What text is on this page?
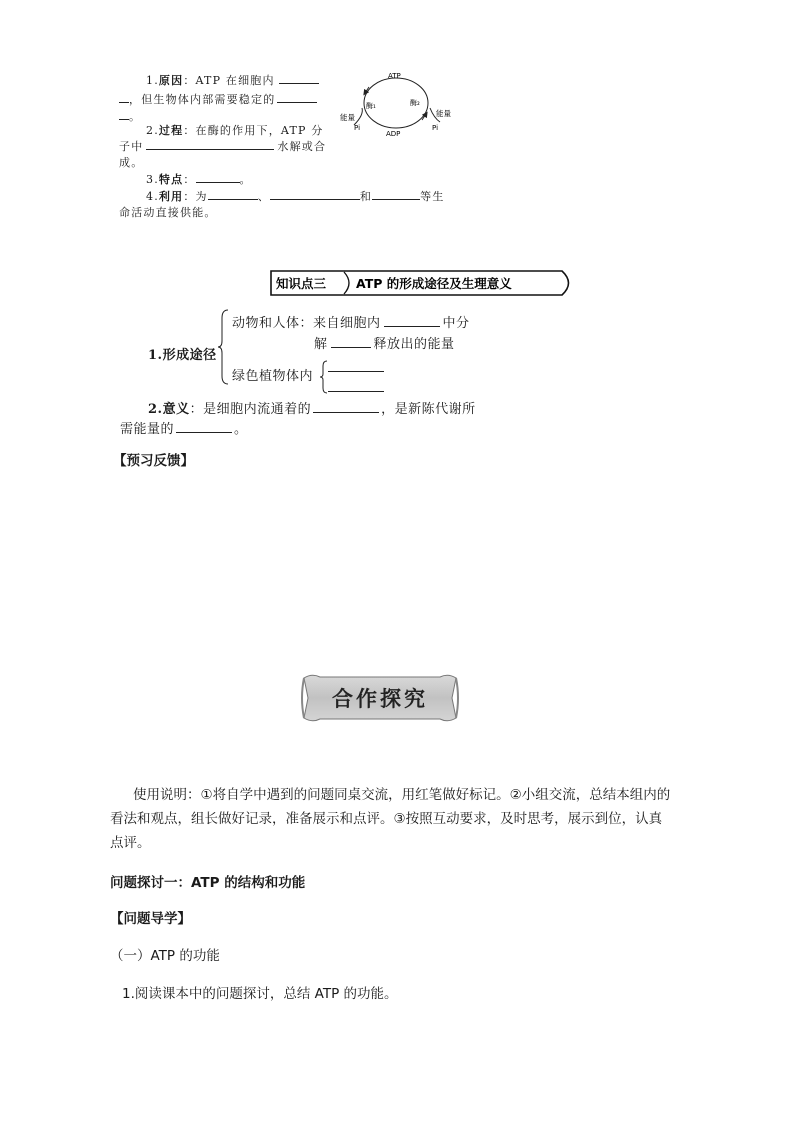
1.原因：ATP 在细胞内
，但生物体内部需要稳定的
。
2.过程：在酶的作用下，ATP 分
子中	水解或合
成。
3.特点：	。
4.利用：为	、	和	等生
命活动直接供能。
ATP
ADP
酶₁	酶₂
能量
Pi
能量
Pi
知识点三 ATP 的形成途径及生理意义
1.形成途径
动物和人体：来自细胞内	中分
解	释放出的能量
绿色植物体内
2.意义：是细胞内流通着的	，是新陈代谢所
需能量的	。
【预习反馈】
合作探究
使用说明：①将自学中遇到的问题同桌交流，用红笔做好标记。②小组交流，总结本组内的
看法和观点，组长做好记录，准备展示和点评。③按照互动要求，及时思考，展示到位，认真
点评。
问题探讨一：ATP 的结构和功能
【问题导学】
（一）ATP 的功能
1.阅读课本中的问题探讨，总结 ATP 的功能。
